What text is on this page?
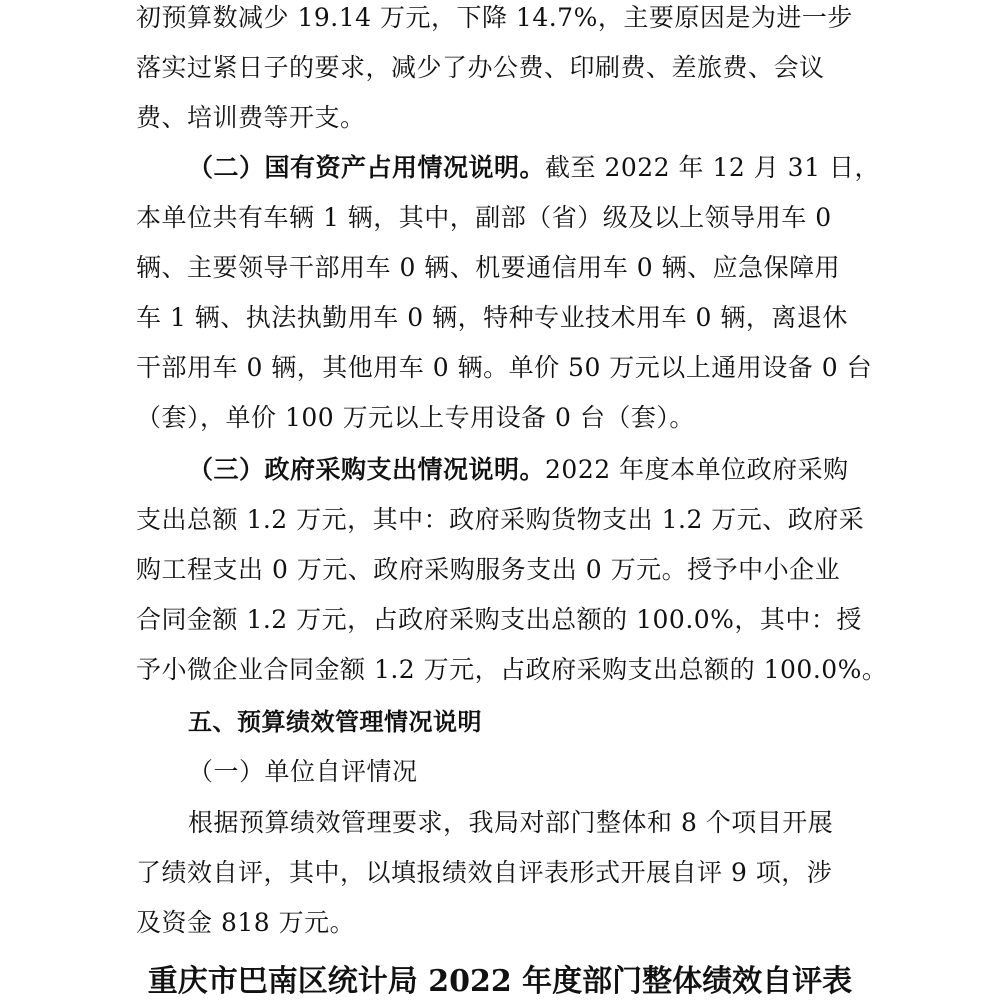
初预算数减少 19.14 万元，下降 14.7%，主要原因是为进一步
落实过紧日子的要求，减少了办公费、印刷费、差旅费、会议
费、培训费等开支。
（二）国有资产占用情况说明。截至 2022 年 12 月 31 日，
本单位共有车辆 1 辆，其中，副部（省）级及以上领导用车 0
辆、主要领导干部用车 0 辆、机要通信用车 0 辆、应急保障用
车 1 辆、执法执勤用车 0 辆，特种专业技术用车 0 辆，离退休
干部用车 0 辆，其他用车 0 辆。单价 50 万元以上通用设备 0 台
（套），单价 100 万元以上专用设备 0 台（套）。
（三）政府采购支出情况说明。2022 年度本单位政府采购
支出总额 1.2 万元，其中：政府采购货物支出 1.2 万元、政府采
购工程支出 0 万元、政府采购服务支出 0 万元。授予中小企业
合同金额 1.2 万元，占政府采购支出总额的 100.0%，其中：授
予小微企业合同金额 1.2 万元，占政府采购支出总额的 100.0%。
五、预算绩效管理情况说明
（一）单位自评情况
根据预算绩效管理要求，我局对部门整体和 8 个项目开展
了绩效自评，其中，以填报绩效自评表形式开展自评 9 项，涉
及资金 818 万元。
重庆市巴南区统计局 2022 年度部门整体绩效自评表
